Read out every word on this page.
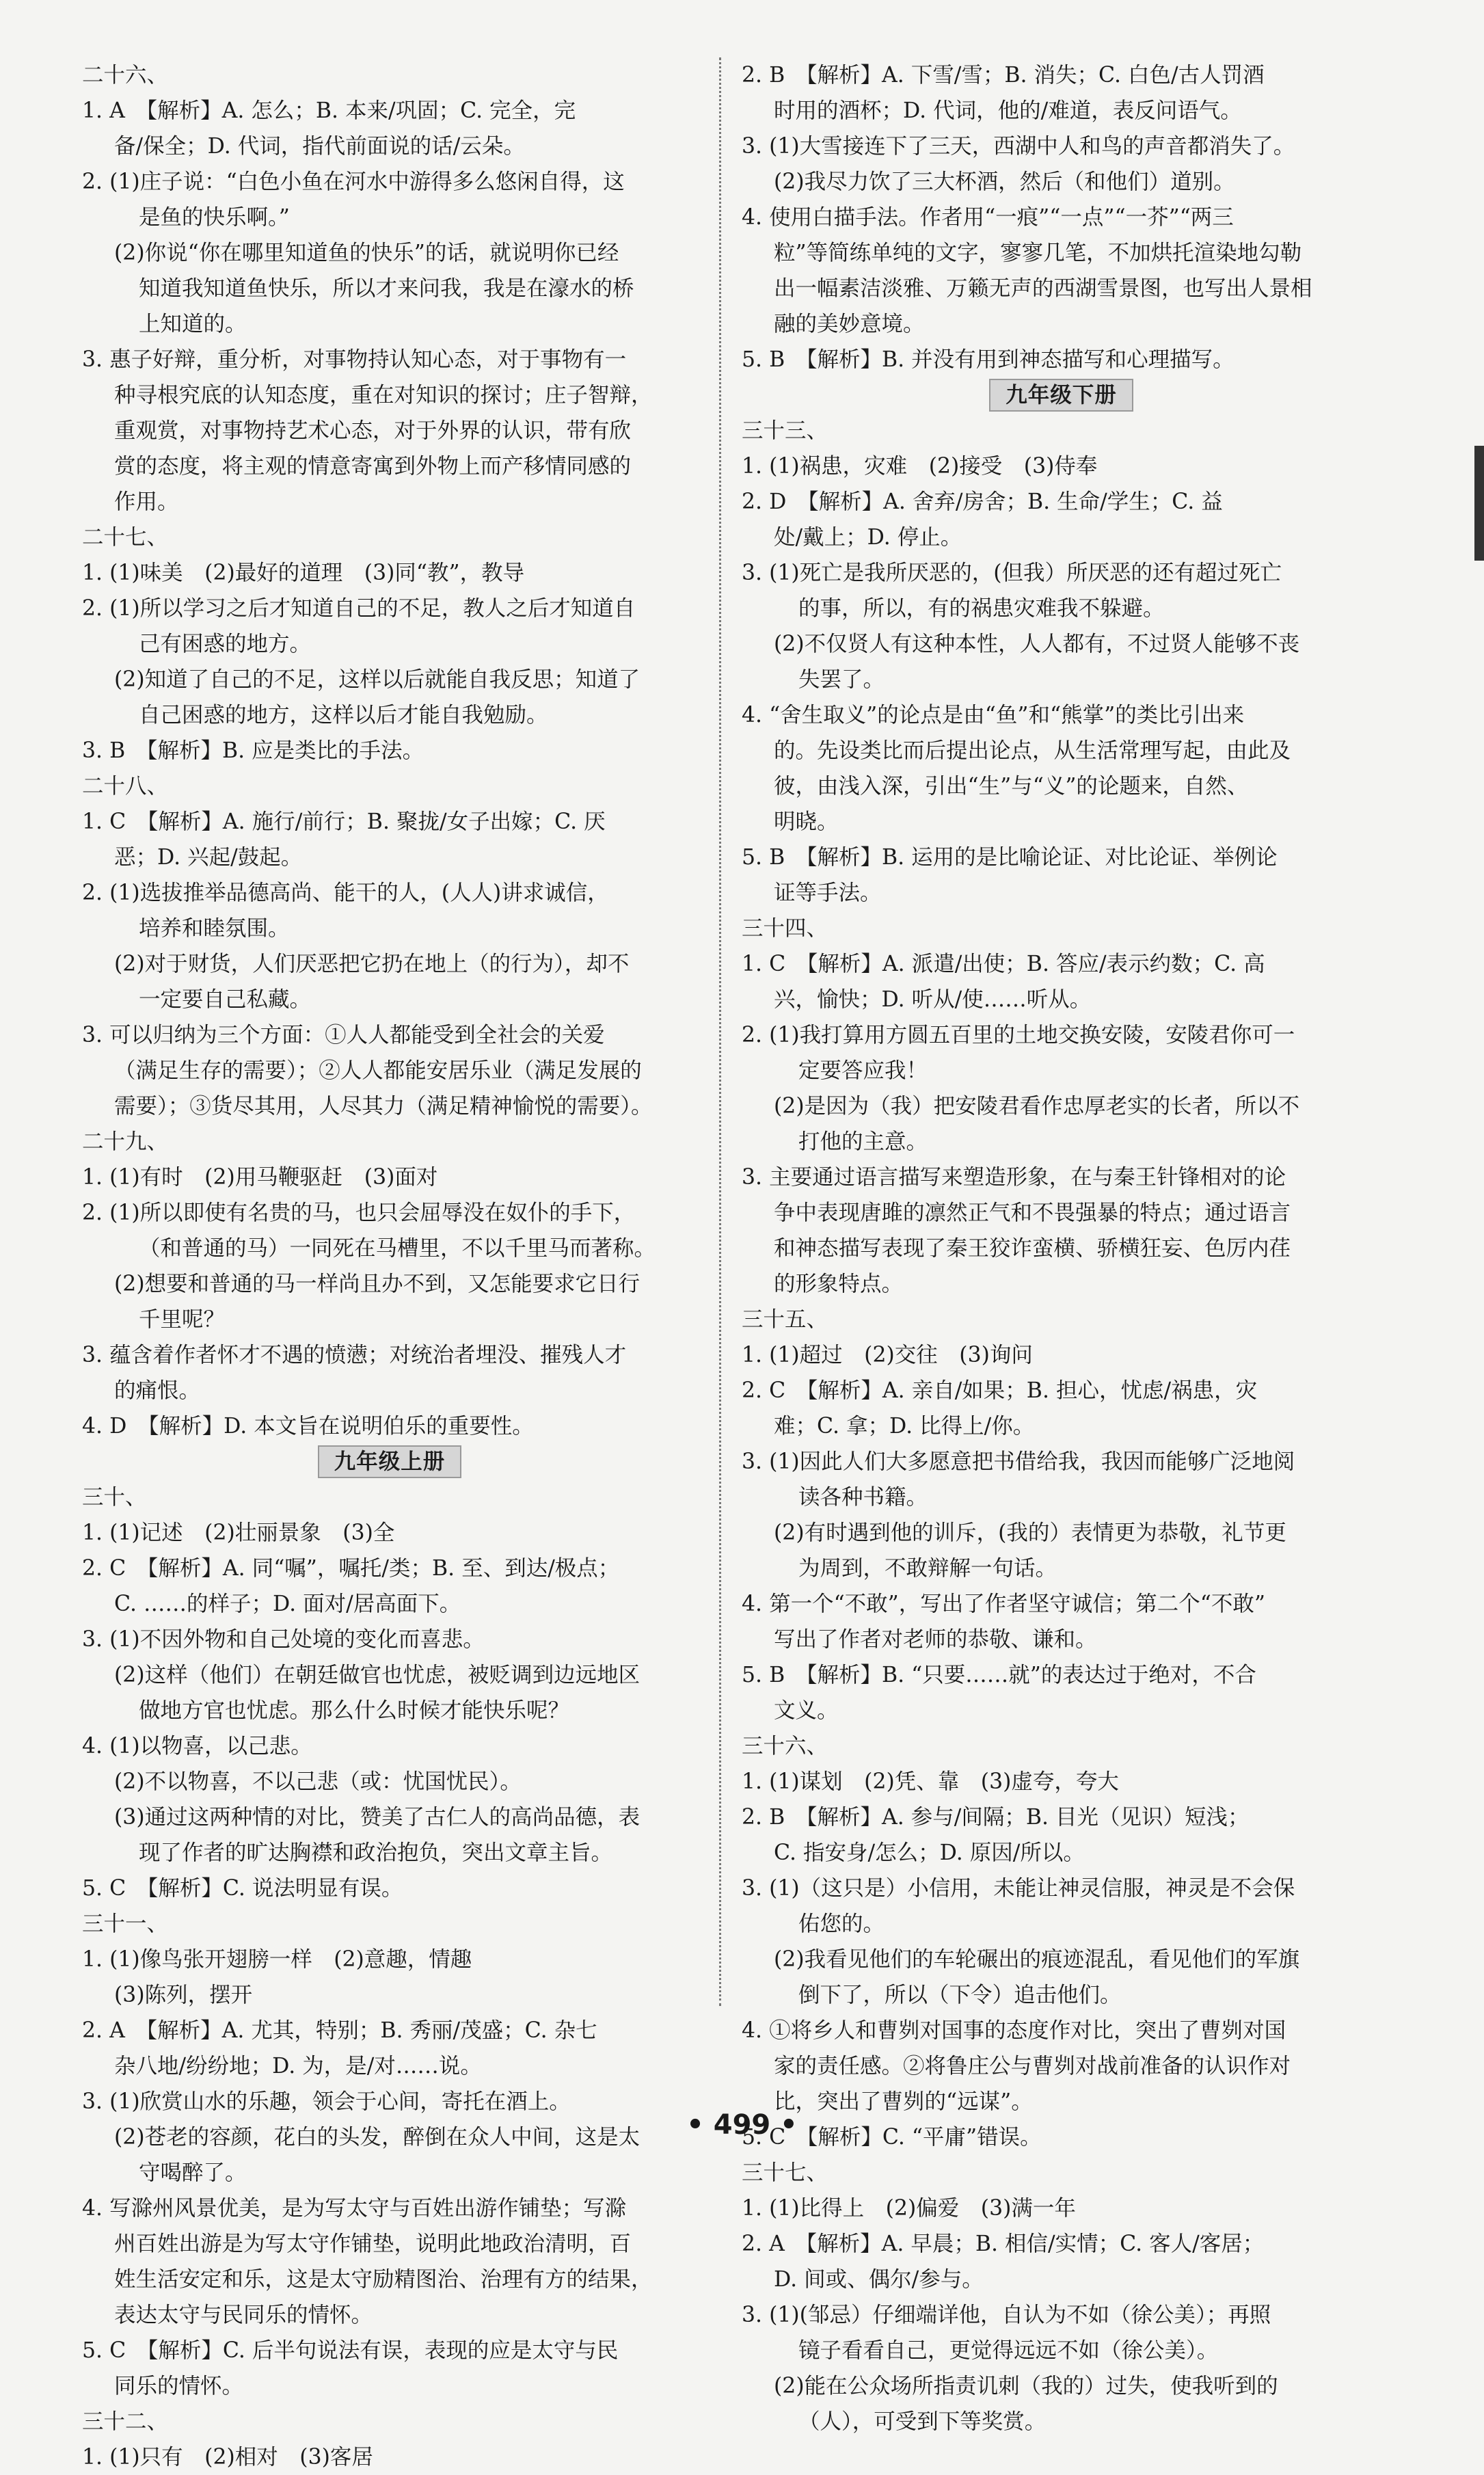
二十六、
1. A　【解析】A. 怎么；B. 本来/巩固；C. 完全，完
备/保全；D. 代词，指代前面说的话/云朵。
2. (1)庄子说：“白色小鱼在河水中游得多么悠闲自得，这
是鱼的快乐啊。”
(2)你说“你在哪里知道鱼的快乐”的话，就说明你已经
知道我知道鱼快乐，所以才来问我，我是在濠水的桥
上知道的。
3. 惠子好辩，重分析，对事物持认知心态，对于事物有一
种寻根究底的认知态度，重在对知识的探讨；庄子智辩，
重观赏，对事物持艺术心态，对于外界的认识，带有欣
赏的态度，将主观的情意寄寓到外物上而产移情同感的
作用。
二十七、
1. (1)味美　(2)最好的道理　(3)同“教”，教导
2. (1)所以学习之后才知道自己的不足，教人之后才知道自
己有困惑的地方。
(2)知道了自己的不足，这样以后就能自我反思；知道了
自己困惑的地方，这样以后才能自我勉励。
3. B　【解析】B. 应是类比的手法。
二十八、
1. C　【解析】A. 施行/前行；B. 聚拢/女子出嫁；C. 厌
恶；D. 兴起/鼓起。
2. (1)选拔推举品德高尚、能干的人，(人人)讲求诚信，
培养和睦氛围。
(2)对于财货，人们厌恶把它扔在地上（的行为），却不
一定要自己私藏。
3. 可以归纳为三个方面：①人人都能受到全社会的关爱
（满足生存的需要）；②人人都能安居乐业（满足发展的
需要）；③货尽其用，人尽其力（满足精神愉悦的需要）。
二十九、
1. (1)有时　(2)用马鞭驱赶　(3)面对
2. (1)所以即使有名贵的马，也只会屈辱没在奴仆的手下，
（和普通的马）一同死在马槽里，不以千里马而著称。
(2)想要和普通的马一样尚且办不到，又怎能要求它日行
千里呢？
3. 蕴含着作者怀才不遇的愤懑；对统治者埋没、摧残人才
的痛恨。
4. D　【解析】D. 本文旨在说明伯乐的重要性。
九年级上册
三十、
1. (1)记述　(2)壮丽景象　(3)全
2. C　【解析】A. 同“嘱”，嘱托/类；B. 至、到达/极点；
C. ……的样子；D. 面对/居高面下。
3. (1)不因外物和自己处境的变化而喜悲。
(2)这样（他们）在朝廷做官也忧虑，被贬调到边远地区
做地方官也忧虑。那么什么时候才能快乐呢？
4. (1)以物喜，以己悲。
(2)不以物喜，不以己悲（或：忧国忧民）。
(3)通过这两种情的对比，赞美了古仁人的高尚品德，表
现了作者的旷达胸襟和政治抱负，突出文章主旨。
5. C　【解析】C. 说法明显有误。
三十一、
1. (1)像鸟张开翅膀一样　(2)意趣，情趣
(3)陈列，摆开
2. A　【解析】A. 尤其，特别；B. 秀丽/茂盛；C. 杂七
杂八地/纷纷地；D. 为，是/对……说。
3. (1)欣赏山水的乐趣，领会于心间，寄托在酒上。
(2)苍老的容颜，花白的头发，醉倒在众人中间，这是太
守喝醉了。
4. 写滁州风景优美，是为写太守与百姓出游作铺垫；写滁
州百姓出游是为写太守作铺垫，说明此地政治清明，百
姓生活安定和乐，这是太守励精图治、治理有方的结果，
表达太守与民同乐的情怀。
5. C　【解析】C. 后半句说法有误，表现的应是太守与民
同乐的情怀。
三十二、
1. (1)只有　(2)相对　(3)客居
2. B　【解析】A. 下雪/雪；B. 消失；C. 白色/古人罚酒
时用的酒杯；D. 代词，他的/难道，表反问语气。
3. (1)大雪接连下了三天，西湖中人和鸟的声音都消失了。
(2)我尽力饮了三大杯酒，然后（和他们）道别。
4. 使用白描手法。作者用“一痕”“一点”“一芥”“两三
粒”等简练单纯的文字，寥寥几笔，不加烘托渲染地勾勒
出一幅素洁淡雅、万籁无声的西湖雪景图，也写出人景相
融的美妙意境。
5. B　【解析】B. 并没有用到神态描写和心理描写。
九年级下册
三十三、
1. (1)祸患，灾难　(2)接受　(3)侍奉
2. D　【解析】A. 舍弃/房舍；B. 生命/学生；C. 益
处/戴上；D. 停止。
3. (1)死亡是我所厌恶的，(但我）所厌恶的还有超过死亡
的事，所以，有的祸患灾难我不躲避。
(2)不仅贤人有这种本性，人人都有，不过贤人能够不丧
失罢了。
4. “舍生取义”的论点是由“鱼”和“熊掌”的类比引出来
的。先设类比而后提出论点，从生活常理写起，由此及
彼，由浅入深，引出“生”与“义”的论题来，自然、
明晓。
5. B　【解析】B. 运用的是比喻论证、对比论证、举例论
证等手法。
三十四、
1. C　【解析】A. 派遣/出使；B. 答应/表示约数；C. 高
兴，愉快；D. 听从/使……听从。
2. (1)我打算用方圆五百里的土地交换安陵，安陵君你可一
定要答应我！
(2)是因为（我）把安陵君看作忠厚老实的长者，所以不
打他的主意。
3. 主要通过语言描写来塑造形象，在与秦王针锋相对的论
争中表现唐雎的凛然正气和不畏强暴的特点；通过语言
和神态描写表现了秦王狡诈蛮横、骄横狂妄、色厉内荏
的形象特点。
三十五、
1. (1)超过　(2)交往　(3)询问
2. C　【解析】A. 亲自/如果；B. 担心，忧虑/祸患，灾
难；C. 拿；D. 比得上/你。
3. (1)因此人们大多愿意把书借给我，我因而能够广泛地阅
读各种书籍。
(2)有时遇到他的训斥，(我的）表情更为恭敬，礼节更
为周到，不敢辩解一句话。
4. 第一个“不敢”，写出了作者坚守诚信；第二个“不敢”
写出了作者对老师的恭敬、谦和。
5. B　【解析】B. “只要……就”的表达过于绝对，不合
文义。
三十六、
1. (1)谋划　(2)凭、靠　(3)虚夸，夸大
2. B　【解析】A. 参与/间隔；B. 目光（见识）短浅；
C. 指安身/怎么；D. 原因/所以。
3. (1)（这只是）小信用，未能让神灵信服，神灵是不会保
佑您的。
(2)我看见他们的车轮碾出的痕迹混乱，看见他们的军旗
倒下了，所以（下令）追击他们。
4. ①将乡人和曹刿对国事的态度作对比，突出了曹刿对国
家的责任感。②将鲁庄公与曹刿对战前准备的认识作对
比，突出了曹刿的“远谋”。
5. C　【解析】C. “平庸”错误。
三十七、
1. (1)比得上　(2)偏爱　(3)满一年
2. A　【解析】A. 早晨；B. 相信/实情；C. 客人/客居；
D. 间或、偶尔/参与。
3. (1)(邹忌）仔细端详他，自认为不如（徐公美）；再照
镜子看看自己，更觉得远远不如（徐公美）。
(2)能在公众场所指责讥刺（我的）过失，使我听到的
（人），可受到下等奖赏。
• 499 •
